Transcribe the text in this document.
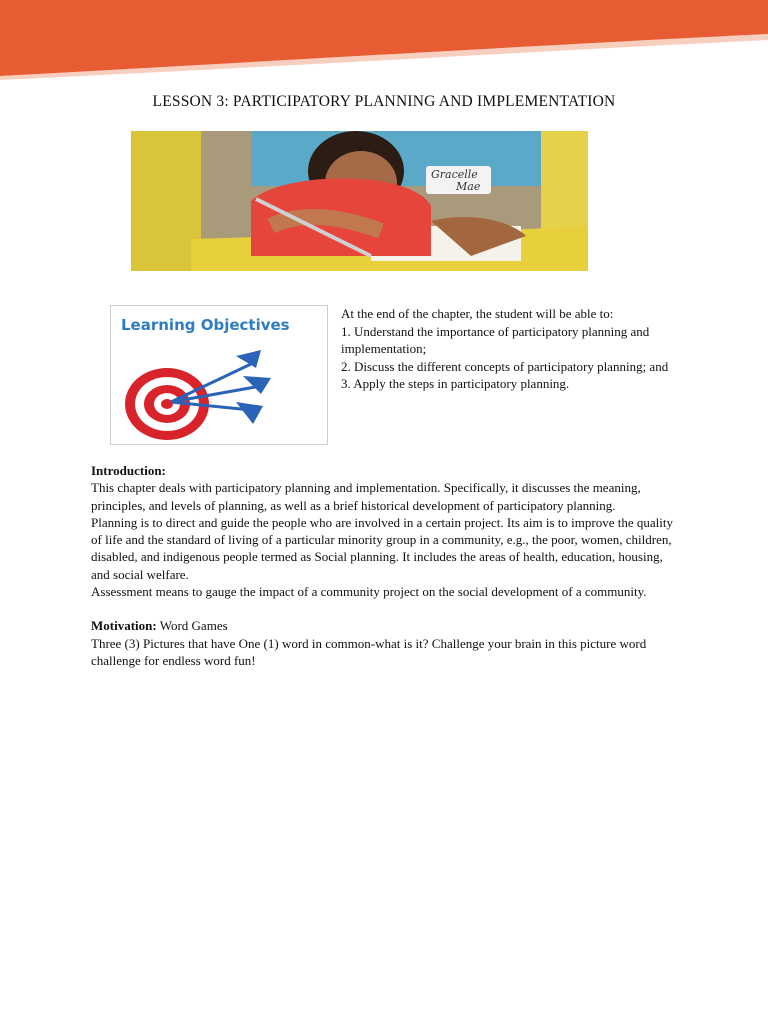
LESSON 3: PARTICIPATORY PLANNING AND IMPLEMENTATION
Gracelle
Mae
Learning Objectives

At the end of the chapter, the student will be able to:

1. Understand the importance of participatory planning and implementation;

2. Discuss the different concepts of participatory planning; and

3. Apply the steps in participatory planning.

Introduction:

This chapter deals with participatory planning and implementation. Specifically, it discusses the meaning, principles, and levels of planning, as well as a brief historical development of participatory planning.

Planning is to direct and guide the people who are involved in a certain project. Its aim is to improve the quality of life and the standard of living of a particular minority group in a community, e.g., the poor, women, children, disabled, and indigenous people termed as Social planning. It includes the areas of health, education, housing, and social welfare.

Assessment means to gauge the impact of a community project on the social development of a community.

Motivation: Word Games

Three (3) Pictures that have One (1) word in common-what is it? Challenge your brain in this picture word challenge for endless word fun!
